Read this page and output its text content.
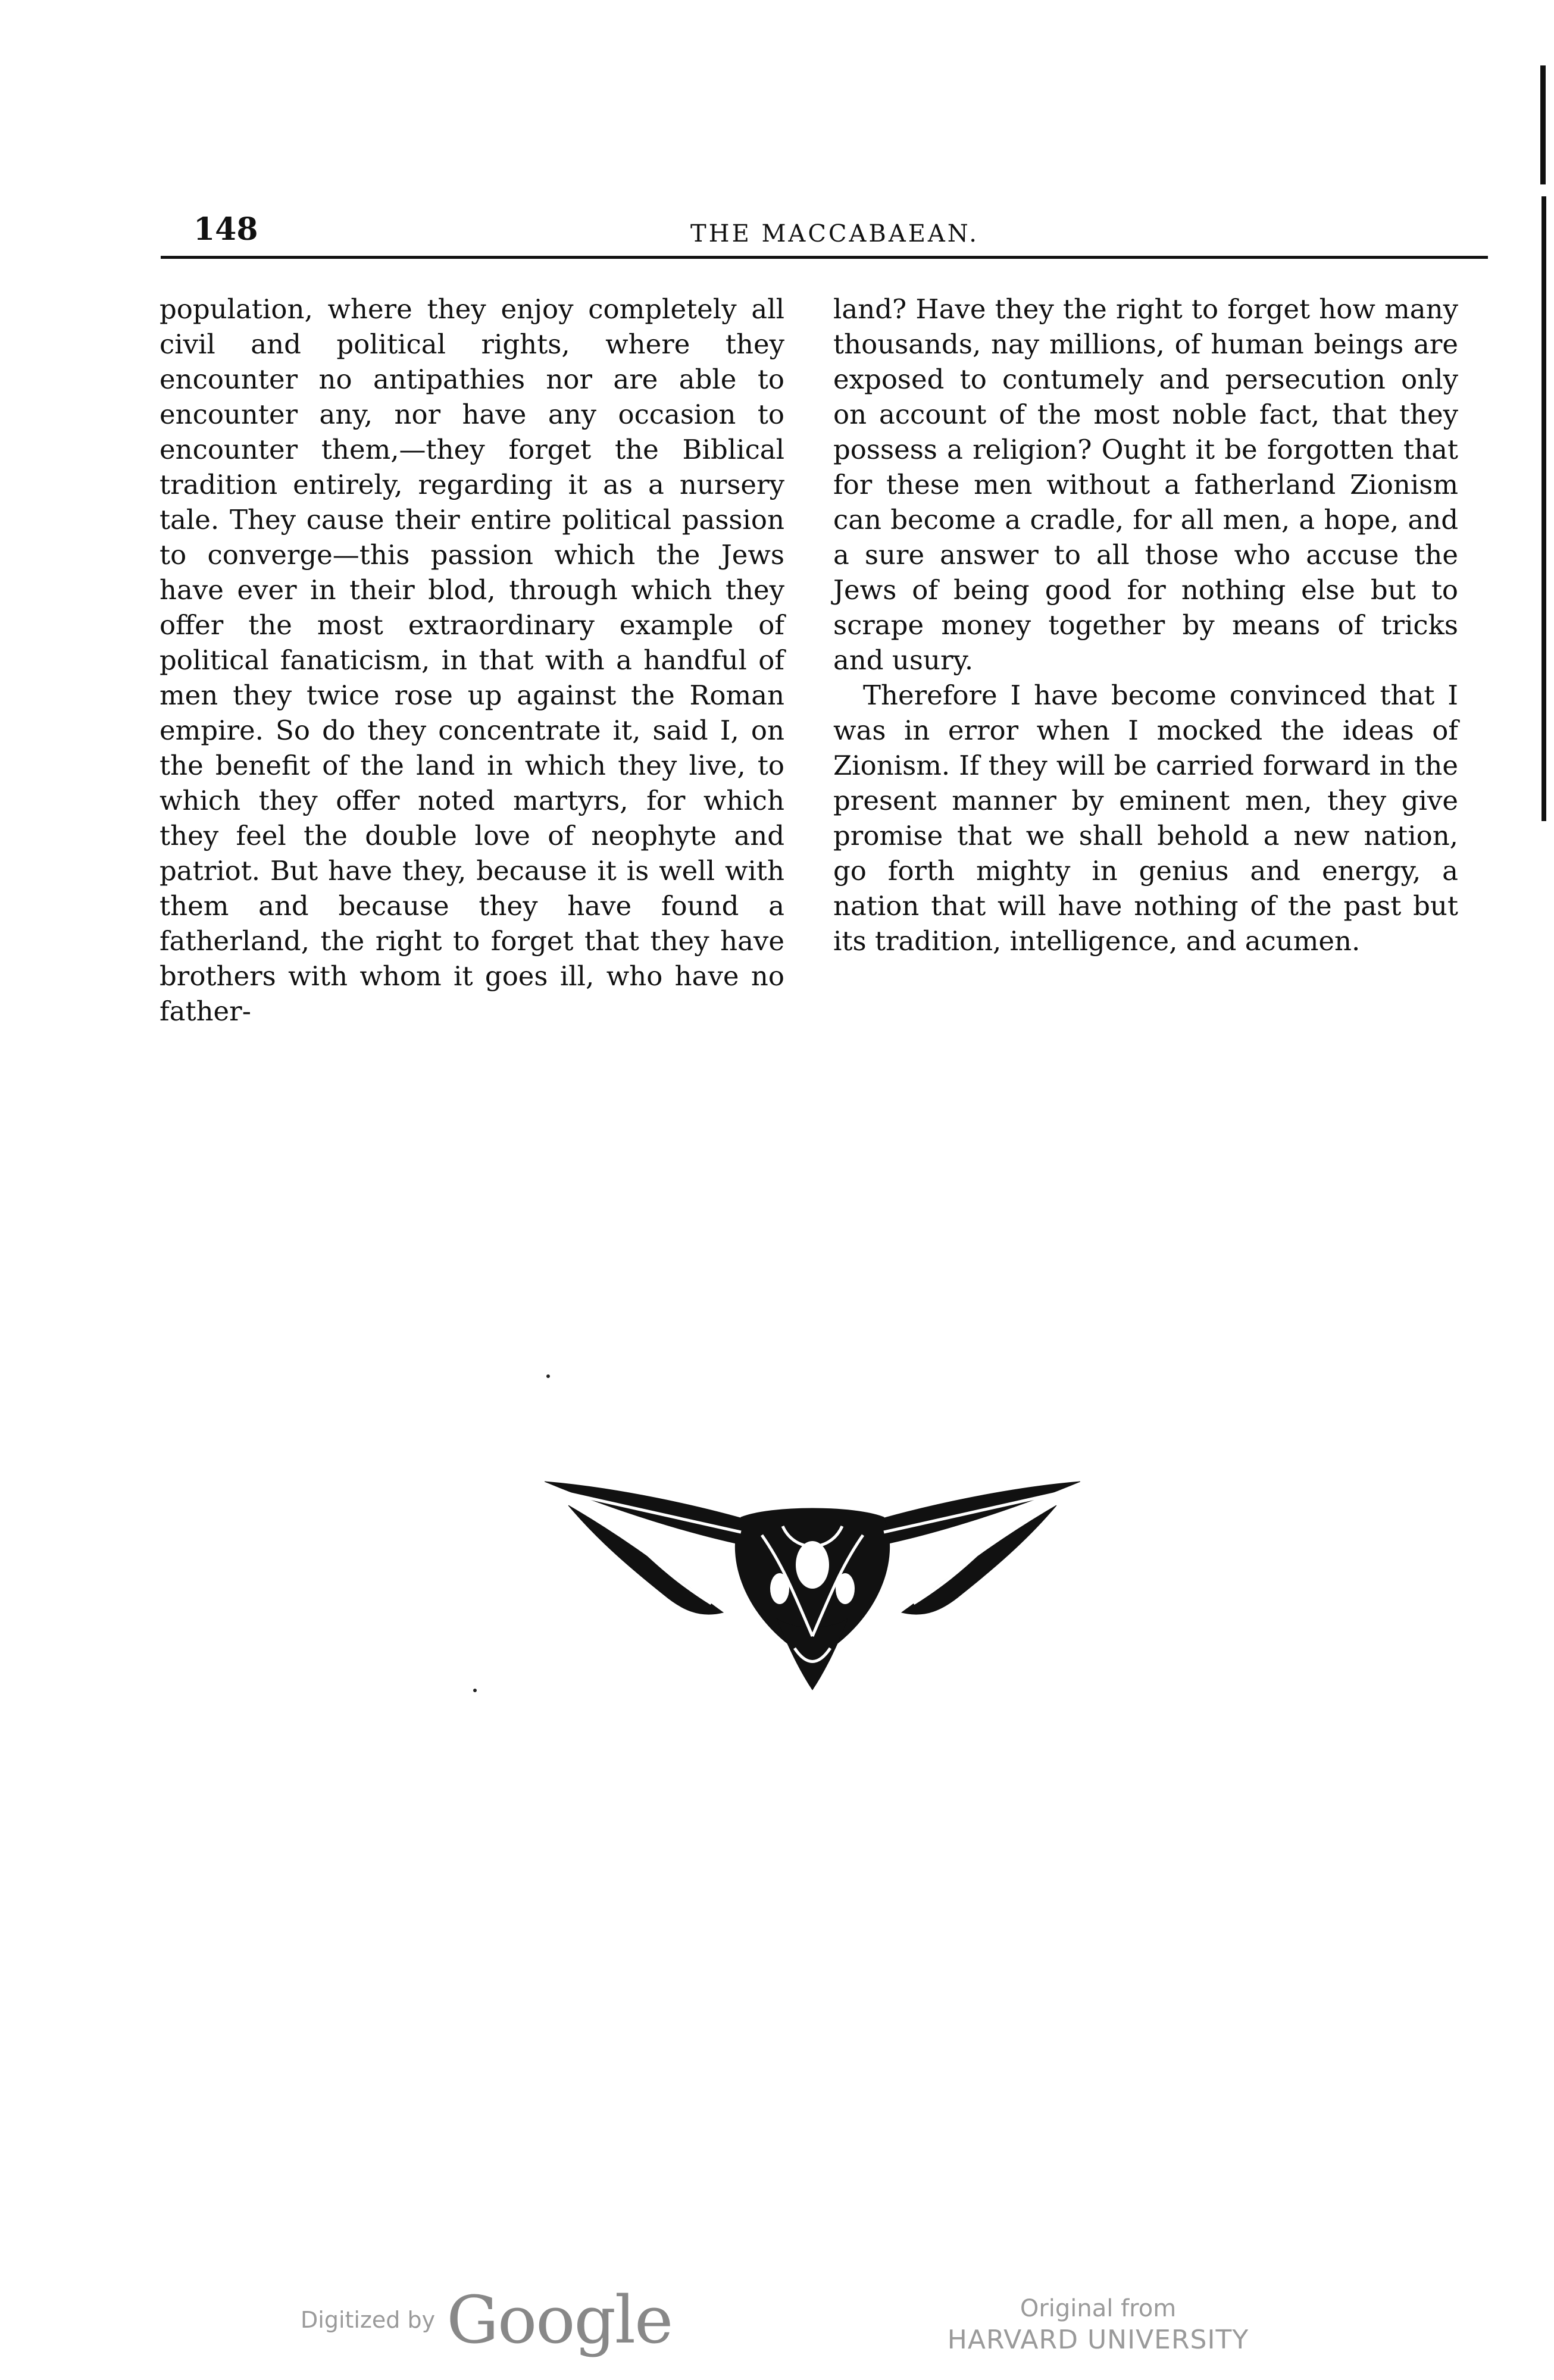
148	THE MACCABAEAN.

population, where they enjoy completely all civil and political rights, where they encounter no antipathies nor are able to encounter any, nor have any occasion to encounter them,—they forget the Biblical tradition entirely, regarding it as a nursery tale. They cause their entire political passion to converge—this passion which the Jews have ever in their blod, through which they offer the most extraordinary example of political fanaticism, in that with a handful of men they twice rose up against the Roman empire. So do they concentrate it, said I, on the benefit of the land in which they live, to which they offer noted martyrs, for which they feel the double love of neophyte and patriot. But have they, because it is well with them and because they have found a fatherland, the right to forget that they have brothers with whom it goes ill, who have no father-

land? Have they the right to forget how many thousands, nay millions, of human beings are exposed to contumely and persecution only on account of the most noble fact, that they possess a religion? Ought it be forgotten that for these men without a fatherland Zionism can become a cradle, for all men, a hope, and a sure answer to all those who accuse the Jews of being good for nothing else but to scrape money together by means of tricks and usury.

Therefore I have become convinced that I was in error when I mocked the ideas of Zionism. If they will be carried forward in the present manner by eminent men, they give promise that we shall behold a new nation, go forth mighty in genius and energy, a nation that will have nothing of the past but its tradition, intelligence, and acumen.

Digitized by Google	Original from
HARVARD UNIVERSITY
